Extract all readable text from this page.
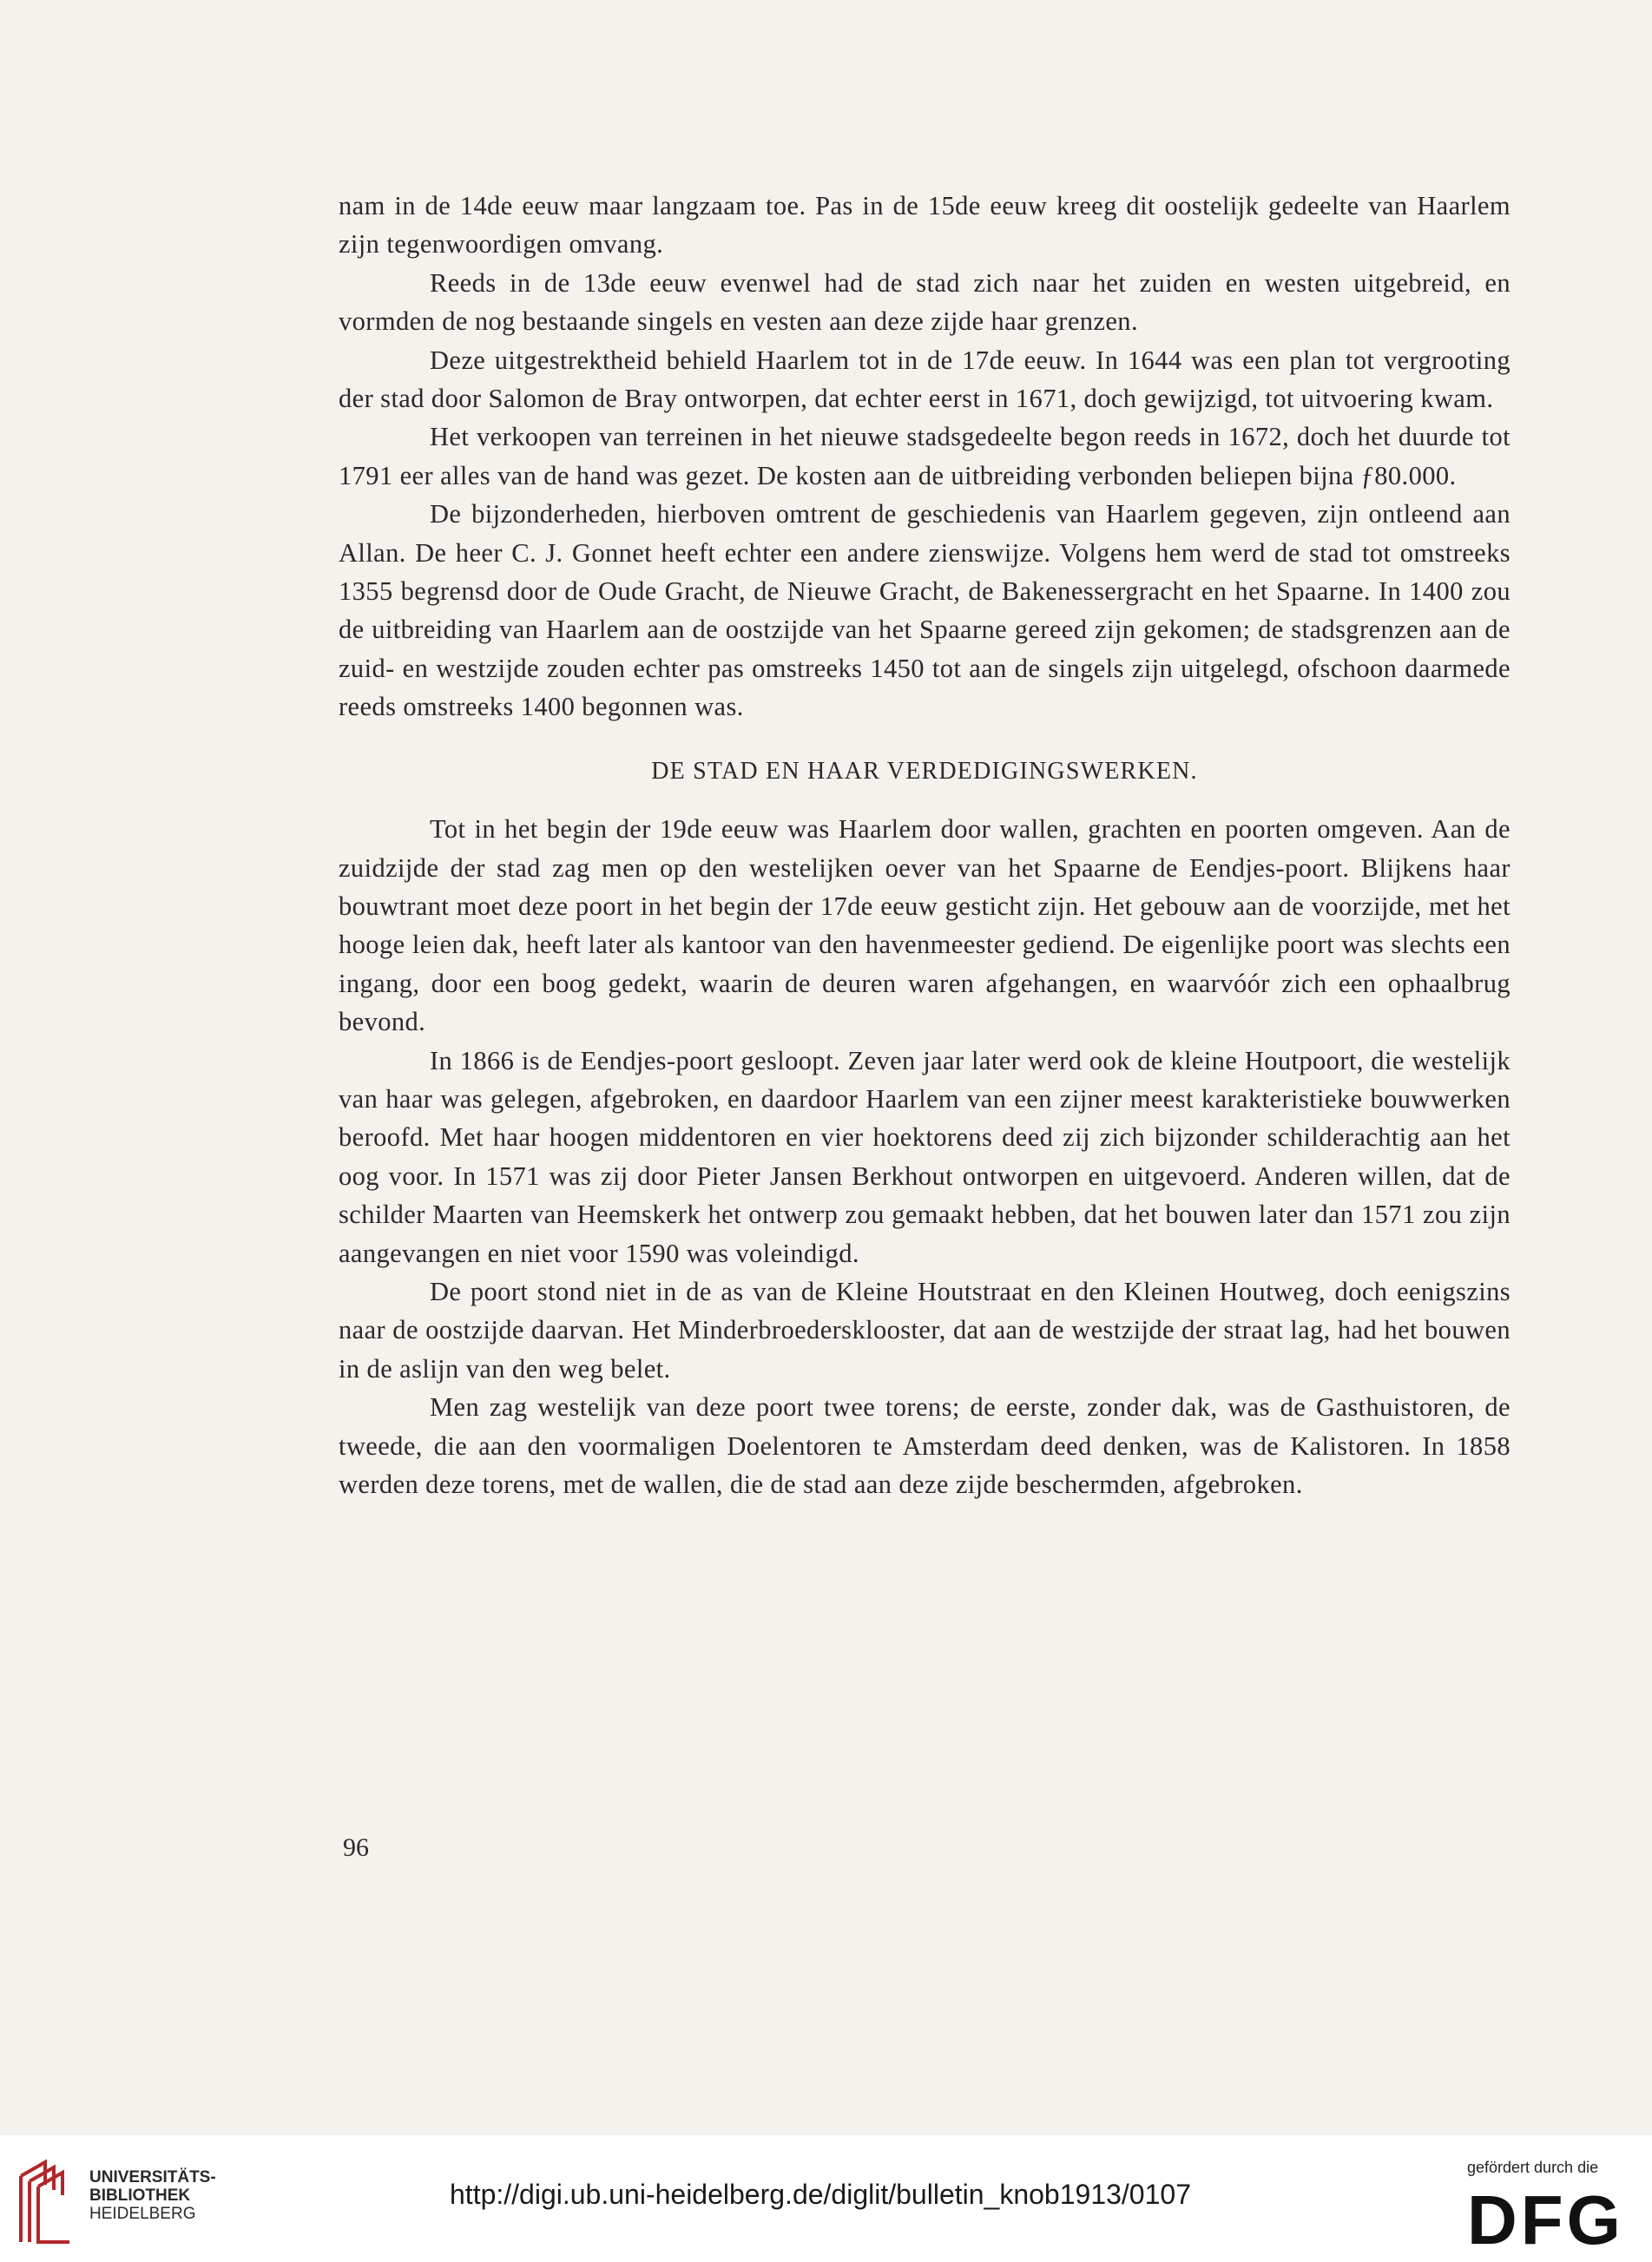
nam in de 14de eeuw maar langzaam toe. Pas in de 15de eeuw kreeg dit oostelijk gedeelte van Haarlem zijn tegenwoordigen omvang.

Reeds in de 13de eeuw evenwel had de stad zich naar het zuiden en westen uitgebreid, en vormden de nog bestaande singels en vesten aan deze zijde haar grenzen.

Deze uitgestrektheid behield Haarlem tot in de 17de eeuw. In 1644 was een plan tot vergrooting der stad door Salomon de Bray ontworpen, dat echter eerst in 1671, doch gewijzigd, tot uitvoering kwam.

Het verkoopen van terreinen in het nieuwe stadsgedeelte begon reeds in 1672, doch het duurde tot 1791 eer alles van de hand was gezet. De kosten aan de uitbreiding verbonden beliepen bijna ƒ80.000.

De bijzonderheden, hierboven omtrent de geschiedenis van Haarlem gegeven, zijn ontleend aan Allan. De heer C. J. Gonnet heeft echter een andere zienswijze. Volgens hem werd de stad tot omstreeks 1355 begrensd door de Oude Gracht, de Nieuwe Gracht, de Bakenessergracht en het Spaarne. In 1400 zou de uitbreiding van Haarlem aan de oostzijde van het Spaarne gereed zijn gekomen; de stadsgrenzen aan de zuid- en westzijde zouden echter pas omstreeks 1450 tot aan de singels zijn uitgelegd, ofschoon daarmede reeds omstreeks 1400 begonnen was.

DE STAD EN HAAR VERDEDIGINGSWERKEN.

Tot in het begin der 19de eeuw was Haarlem door wallen, grachten en poorten omgeven. Aan de zuidzijde der stad zag men op den westelijken oever van het Spaarne de Eendjes-poort. Blijkens haar bouwtrant moet deze poort in het begin der 17de eeuw gesticht zijn. Het gebouw aan de voorzijde, met het hooge leien dak, heeft later als kantoor van den havenmeester gediend. De eigenlijke poort was slechts een ingang, door een boog gedekt, waarin de deuren waren afgehangen, en waarvóór zich een ophaalbrug bevond.

In 1866 is de Eendjes-poort gesloopt. Zeven jaar later werd ook de kleine Houtpoort, die westelijk van haar was gelegen, afgebroken, en daardoor Haarlem van een zijner meest karakteristieke bouwwerken beroofd. Met haar hoogen middentoren en vier hoektorens deed zij zich bijzonder schilderachtig aan het oog voor. In 1571 was zij door Pieter Jansen Berkhout ontworpen en uitgevoerd. Anderen willen, dat de schilder Maarten van Heemskerk het ontwerp zou gemaakt hebben, dat het bouwen later dan 1571 zou zijn aangevangen en niet voor 1590 was voleindigd.

De poort stond niet in de as van de Kleine Houtstraat en den Kleinen Houtweg, doch eenigszins naar de oostzijde daarvan. Het Minderbroedersklooster, dat aan de westzijde der straat lag, had het bouwen in de aslijn van den weg belet.

Men zag westelijk van deze poort twee torens; de eerste, zonder dak, was de Gasthuistoren, de tweede, die aan den voormaligen Doelentoren te Amsterdam deed denken, was de Kalistoren. In 1858 werden deze torens, met de wallen, die de stad aan deze zijde beschermden, afgebroken.

96
UNIVERSITÄTS-
BIBLIOTHEK
HEIDELBERG
http://digi.ub.uni-heidelberg.de/diglit/bulletin_knob1913/0107
gefördert durch die
DFG
